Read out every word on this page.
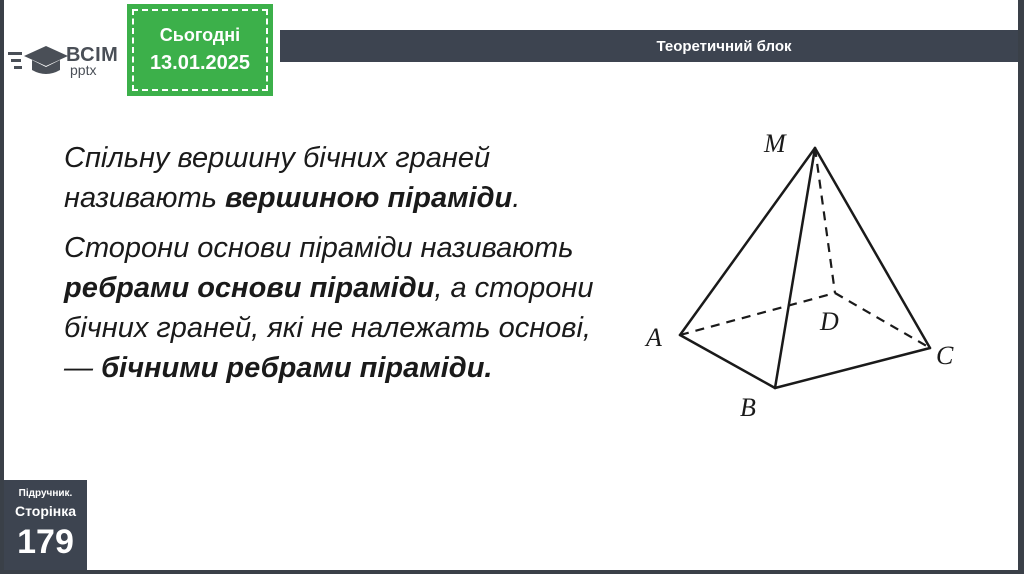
Теоретичний блок
ВСІМ
pptx
Сьогодні
13.01.2025

Спільну вершину бічних граней називають вершиною піраміди.

Сторони основи піраміди називають ребрами основи піраміди, а сторони бічних граней, які не належать основі, — бічними ребрами піраміди.

M
A
D
C
B
Підручник.
Сторінка
179
